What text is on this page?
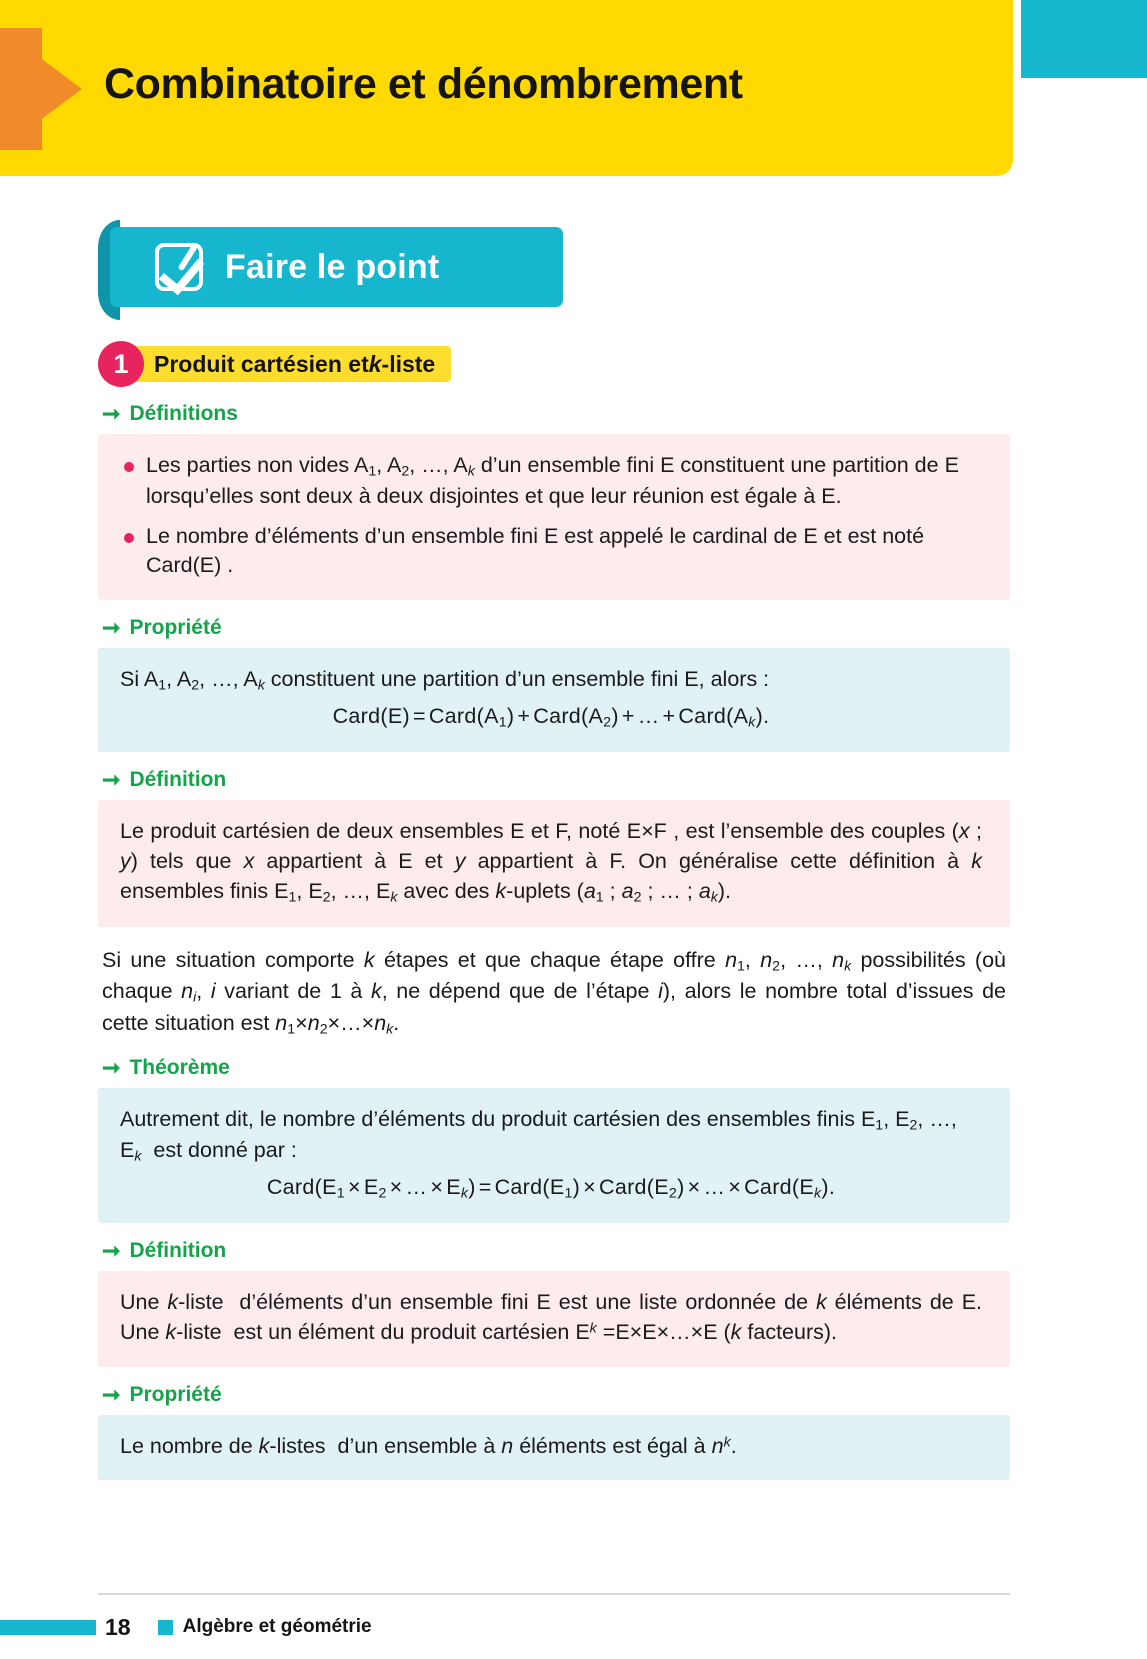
Combinatoire et dénombrement
Faire le point
1	Produit cartésien et k -liste
➞ Définitions
Les parties non vides $A_1$, $A_2$, …, $A_k$ d’un ensemble fini E constituent une partition de E lorsqu’elles sont deux à deux disjointes et que leur réunion est égale à E.
Le nombre d’éléments d’un ensemble fini E est appelé le cardinal de E et est noté Card(E) .
➞ Propriété
Si $A_1$, $A_2$, …, $A_k$ constituent une partition d’un ensemble fini E, alors :
Card(E) = $Card(A_1)$ + $Card(A_2)$ + … + $Card(A_k)$.
➞ Définition
Le produit cartésien de deux ensembles E et F, noté E×F , est l’ensemble des couples (x ; y) tels que x appartient à E et y appartient à F. On généralise cette définition à k ensembles finis $E_1$, $E_2$, …, $E_k$ avec des k-uplets ($a_1$ ; $a_2$ ; … ; $a_k$).
Si une situation comporte k étapes et que chaque étape offre $n_1$, $n_2$, …, $n_k$ possibilités (où chaque $n_i$, i variant de 1 à k, ne dépend que de l’étape i), alors le nombre total d’issues de cette situation est $n_1\times n_2\times\dots\times n_k$.
➞ Théorème
Autrement dit, le nombre d’éléments du produit cartésien des ensembles finis $E_1$, $E_2$, …, $E_k$  est donné par :
$Card(E_1 \times E_2$ × … × $E_k$) = $Card(E_1)$ × $Card(E_2)$ × … × $Card(E_k)$.
➞ Définition
Une k-liste  d’éléments d’un ensemble fini E est une liste ordonnée de k éléments de E. Une k-liste  est un élément du produit cartésien $E^k$ =E×E×…×E (k facteurs).
➞ Propriété
Le nombre de k-listes  d’un ensemble à n éléments est égal à $n^k$.
18	Algèbre et géométrie
